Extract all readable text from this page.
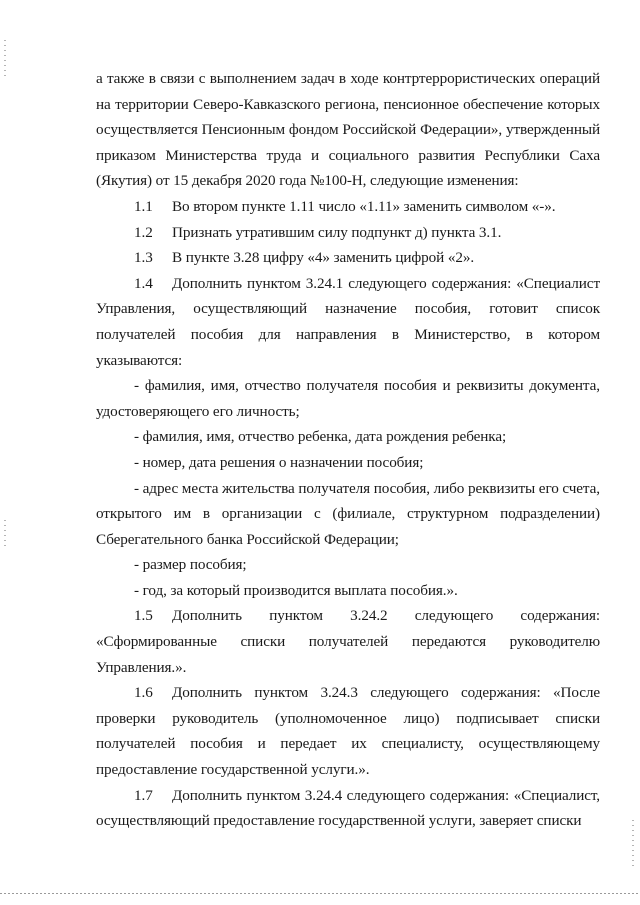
а также в связи с выполнением задач в ходе контртеррористических операций на территории Северо-Кавказского региона, пенсионное обеспечение которых осуществляется Пенсионным фондом Российской Федерации», утвержденный приказом Министерства труда и социального развития Республики Саха (Якутия) от 15 декабря 2020 года №100-Н, следующие изменения:

1.1 Во втором пункте 1.11 число «1.11» заменить символом «-».

1.2 Признать утратившим силу подпункт д) пункта 3.1.

1.3 В пункте 3.28 цифру «4» заменить цифрой «2».

1.4 Дополнить пунктом 3.24.1 следующего содержания: «Специалист Управления, осуществляющий назначение пособия, готовит список получателей пособия для направления в Министерство, в котором указываются:

- фамилия, имя, отчество получателя пособия и реквизиты документа, удостоверяющего его личность;

- фамилия, имя, отчество ребенка, дата рождения ребенка;

- номер, дата решения о назначении пособия;

- адрес места жительства получателя пособия, либо реквизиты его счета, открытого им в организации с (филиале, структурном подразделении) Сберегательного банка Российской Федерации;

- размер пособия;

- год, за который производится выплата пособия.».

1.5 Дополнить пунктом 3.24.2 следующего содержания: «Сформированные списки получателей передаются руководителю Управления.».

1.6 Дополнить пунктом 3.24.3 следующего содержания: «После проверки руководитель (уполномоченное лицо) подписывает списки получателей пособия и передает их специалисту, осуществляющему предоставление государственной услуги.».

1.7 Дополнить пунктом 3.24.4 следующего содержания: «Специалист, осуществляющий предоставление государственной услуги, заверяет списки
